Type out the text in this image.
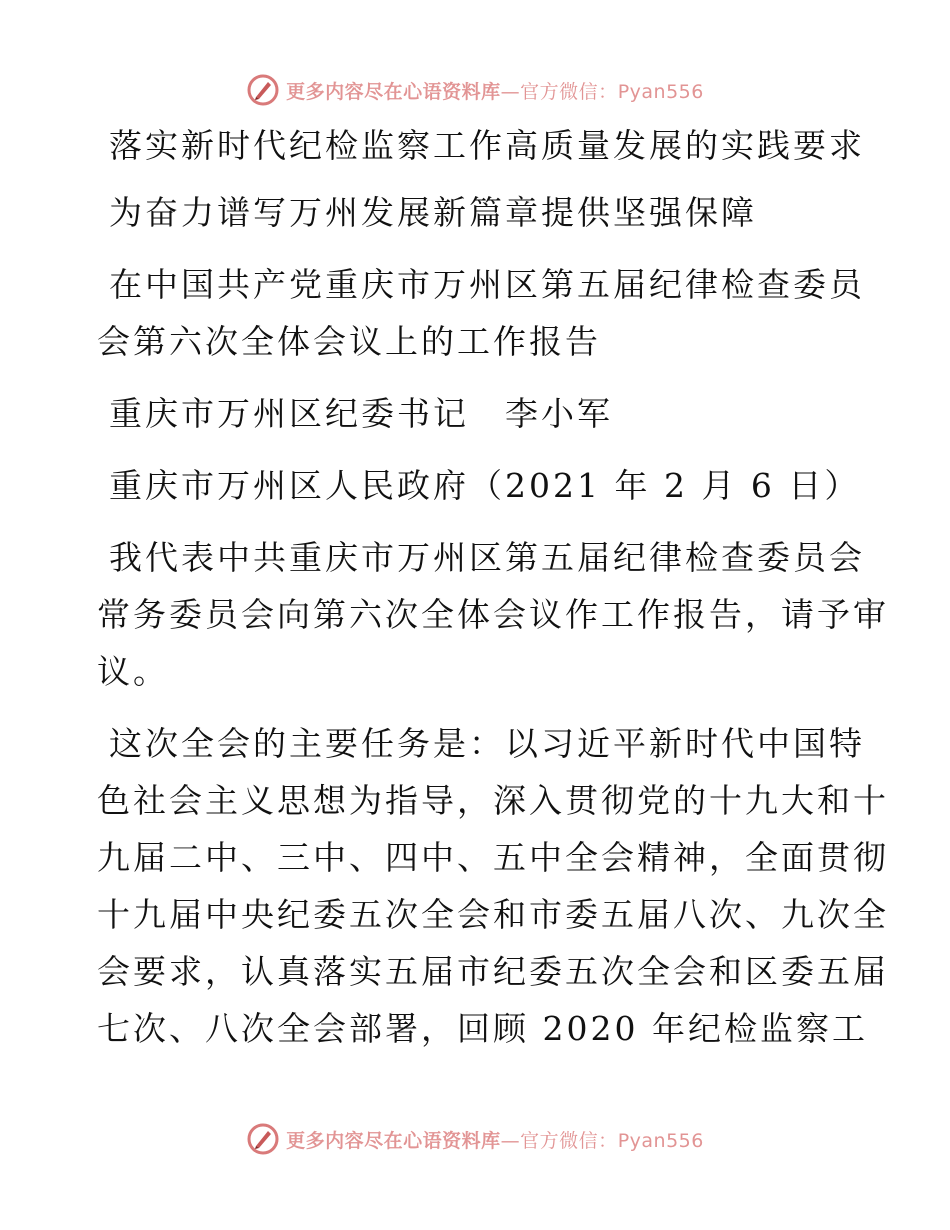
更多内容尽在心语资料库—官方微信：Pyan556

落实新时代纪检监察工作高质量发展的实践要求

为奋力谱写万州发展新篇章提供坚强保障

在中国共产党重庆市万州区第五届纪律检查委员

会第六次全体会议上的工作报告

重庆市万州区纪委书记　李小军

重庆市万州区人民政府（2021 年 2 月 6 日）

我代表中共重庆市万州区第五届纪律检查委员会

常务委员会向第六次全体会议作工作报告，请予审

议。

这次全会的主要任务是：以习近平新时代中国特

色社会主义思想为指导，深入贯彻党的十九大和十

九届二中、三中、四中、五中全会精神，全面贯彻

十九届中央纪委五次全会和市委五届八次、九次全

会要求，认真落实五届市纪委五次全会和区委五届

七次、八次全会部署，回顾 2020 年纪检监察工

更多内容尽在心语资料库—官方微信：Pyan556
